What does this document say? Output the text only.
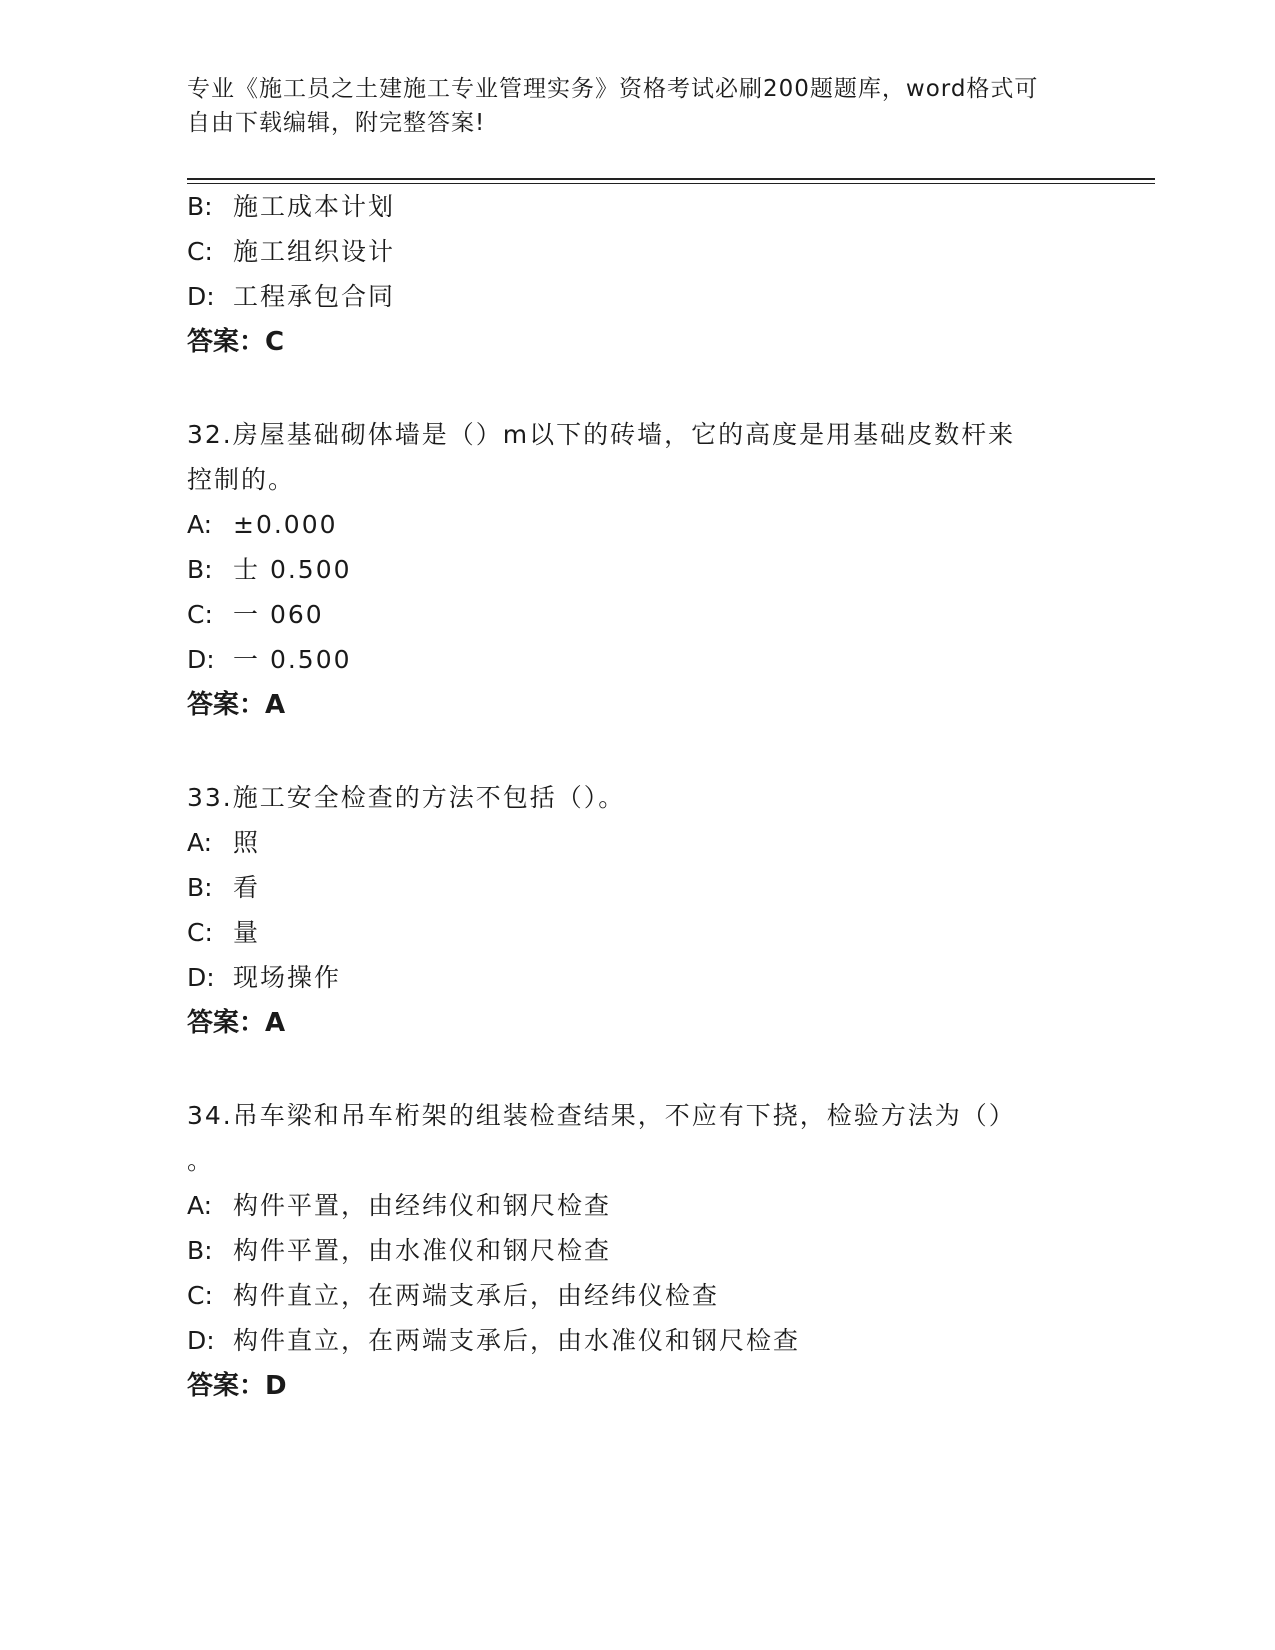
专业《施工员之土建施工专业管理实务》资格考试必刷200题题库，word格式可
自由下载编辑，附完整答案!
B: 施工成本计划
C: 施工组织设计
D: 工程承包合同
答案：C
32.房屋基础砌体墙是（）m以下的砖墙，它的高度是用基础皮数杆来
控制的。
A: ±0.000
B: 士 0.500
C: 一 060
D: 一 0.500
答案：A
33.施工安全检查的方法不包括（）。
A: 照
B: 看
C: 量
D: 现场操作
答案：A
34.吊车梁和吊车桁架的组装检查结果，不应有下挠，检验方法为（）
。
A: 构件平置，由经纬仪和钢尺检查
B: 构件平置，由水准仪和钢尺检查
C: 构件直立，在两端支承后，由经纬仪检查
D: 构件直立，在两端支承后，由水准仪和钢尺检查
答案：D
